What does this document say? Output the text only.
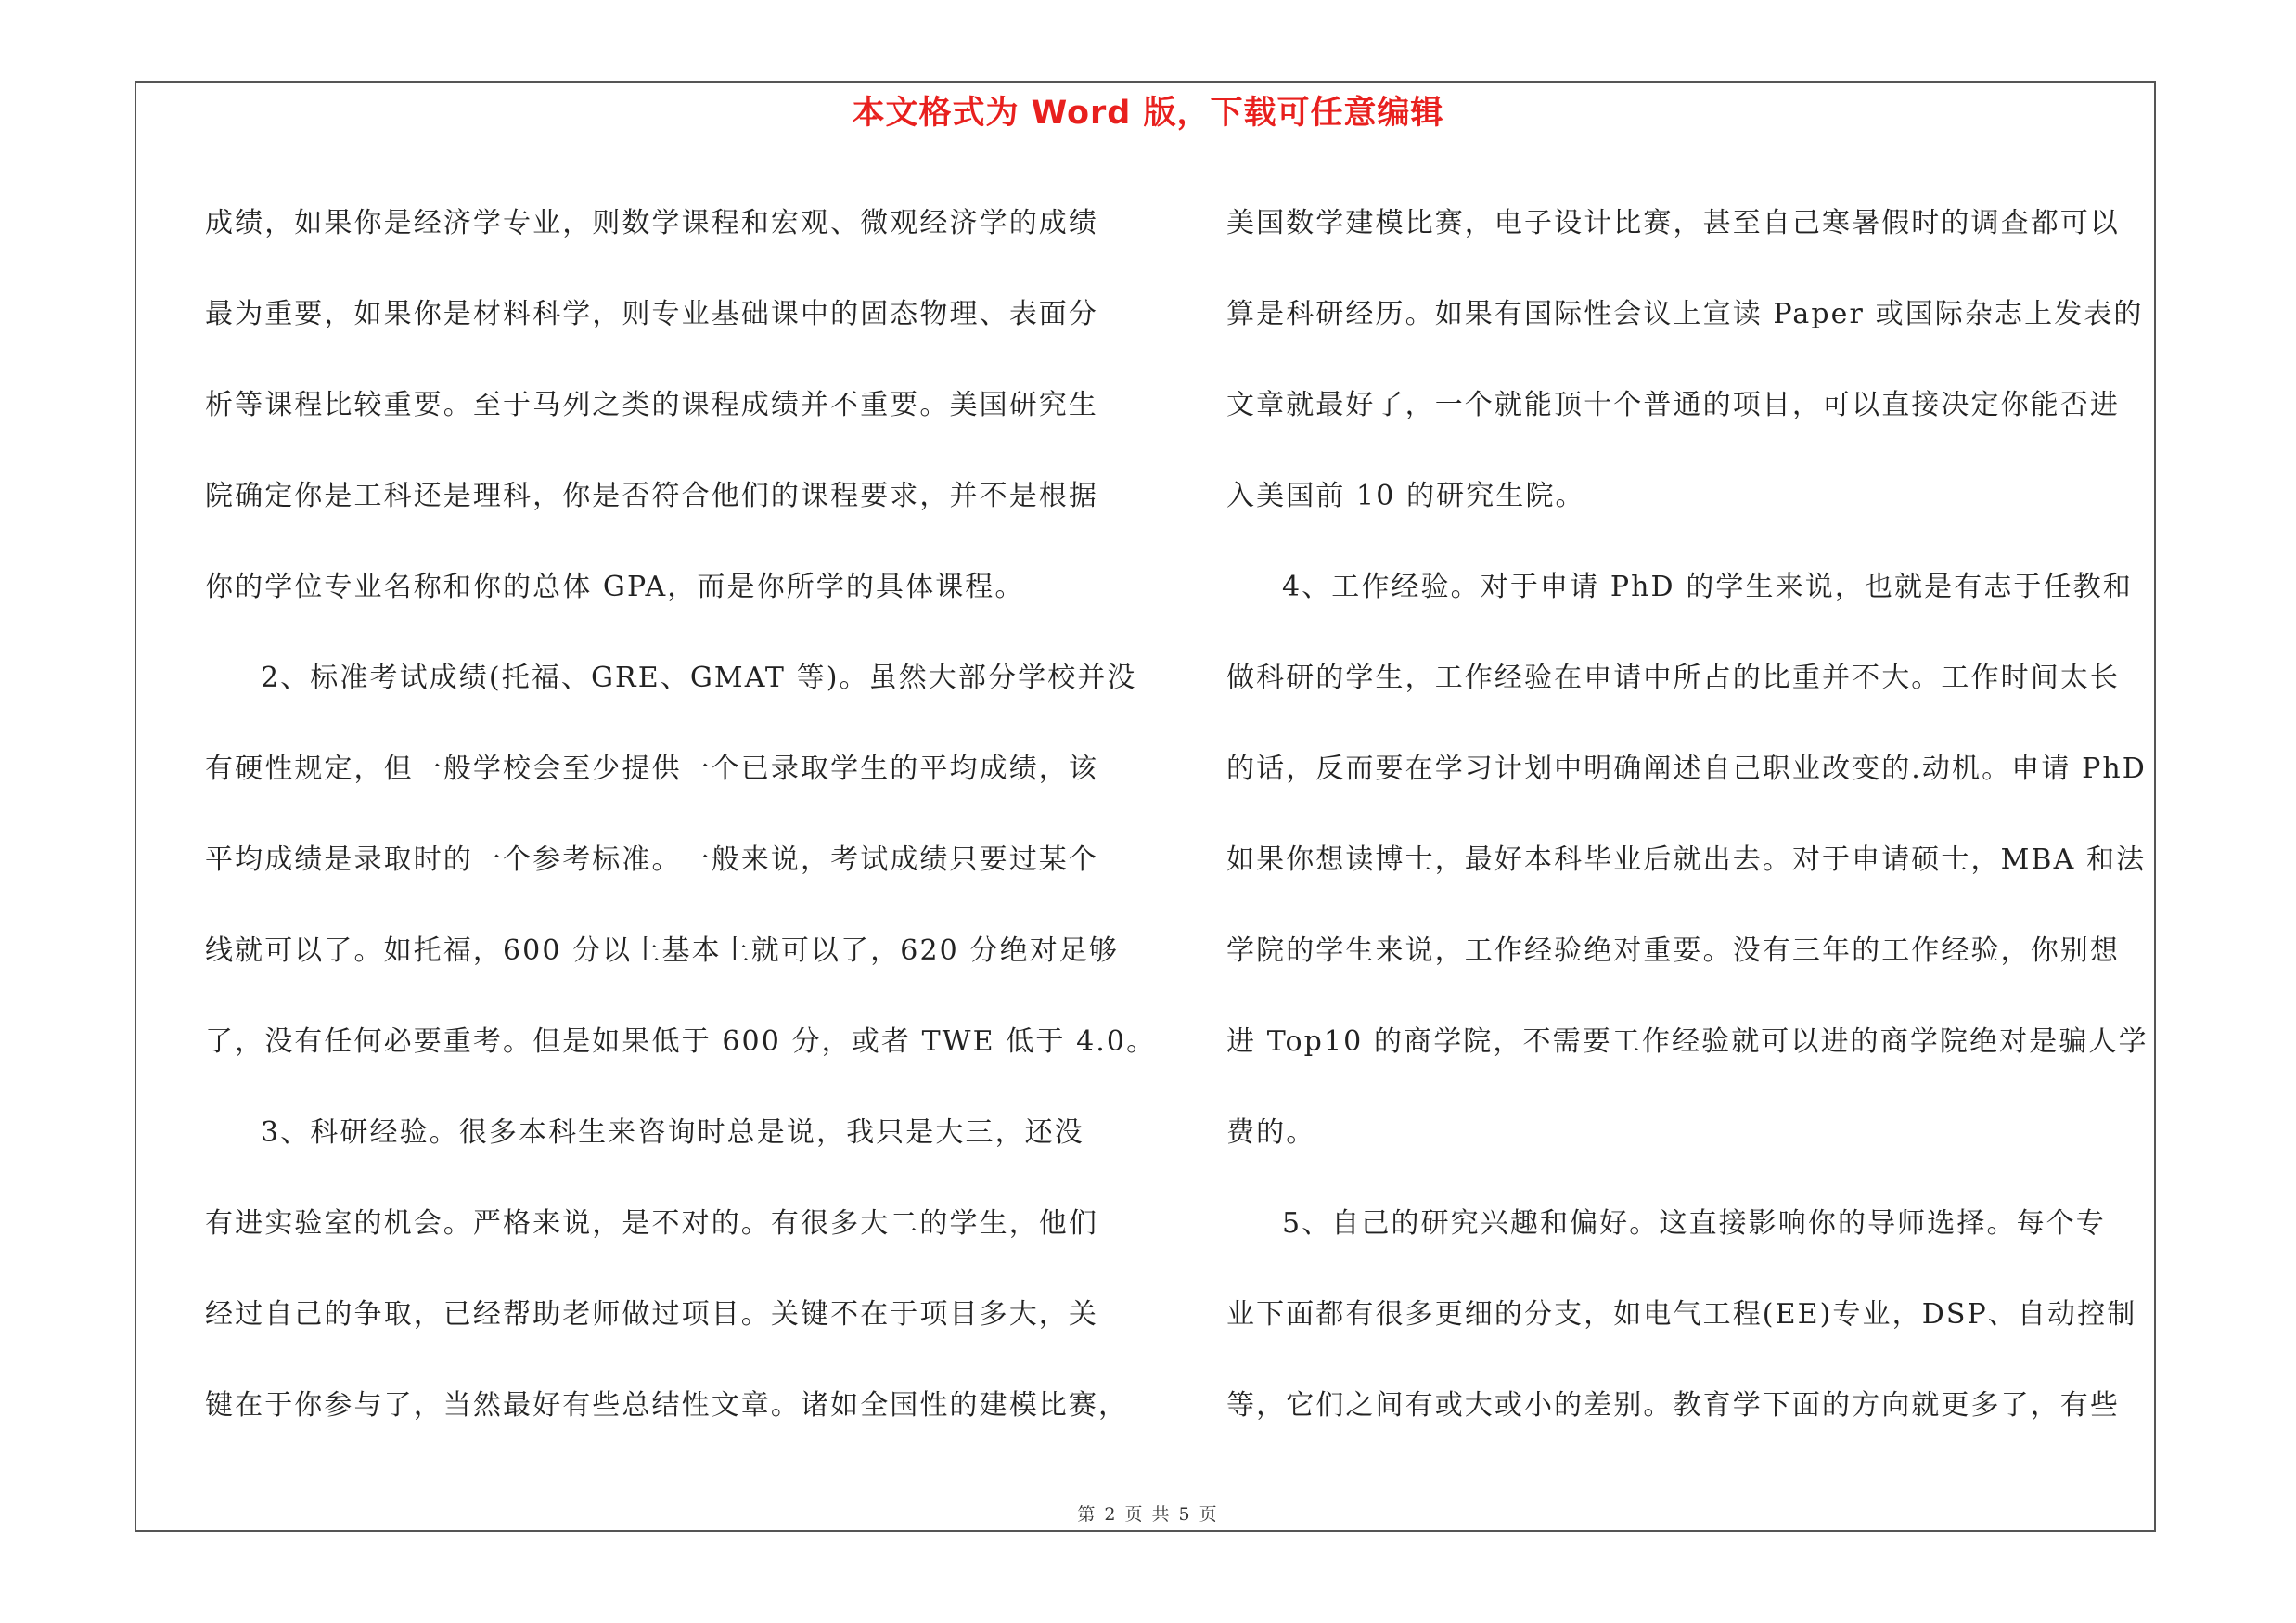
本文格式为 Word 版，下载可任意编辑
成绩，如果你是经济学专业，则数学课程和宏观、微观经济学的成绩
最为重要，如果你是材料科学，则专业基础课中的固态物理、表面分
析等课程比较重要。至于马列之类的课程成绩并不重要。美国研究生
院确定你是工科还是理科，你是否符合他们的课程要求，并不是根据
你的学位专业名称和你的总体 GPA，而是你所学的具体课程。
2、标准考试成绩(托福、GRE、GMAT 等)。虽然大部分学校并没
有硬性规定，但一般学校会至少提供一个已录取学生的平均成绩，该
平均成绩是录取时的一个参考标准。一般来说，考试成绩只要过某个
线就可以了。如托福，600 分以上基本上就可以了，620 分绝对足够
了，没有任何必要重考。但是如果低于 600 分，或者 TWE 低于 4.0。
3、科研经验。很多本科生来咨询时总是说，我只是大三，还没
有进实验室的机会。严格来说，是不对的。有很多大二的学生，他们
经过自己的争取，已经帮助老师做过项目。关键不在于项目多大，关
键在于你参与了，当然最好有些总结性文章。诸如全国性的建模比赛，
美国数学建模比赛，电子设计比赛，甚至自己寒暑假时的调查都可以
算是科研经历。如果有国际性会议上宣读 Paper 或国际杂志上发表的
文章就最好了，一个就能顶十个普通的项目，可以直接决定你能否进
入美国前 10 的研究生院。
4、工作经验。对于申请 PhD 的学生来说，也就是有志于任教和
做科研的学生，工作经验在申请中所占的比重并不大。工作时间太长
的话，反而要在学习计划中明确阐述自己职业改变的.动机。申请 PhD
如果你想读博士，最好本科毕业后就出去。对于申请硕士，MBA 和法
学院的学生来说，工作经验绝对重要。没有三年的工作经验，你别想
进 Top10 的商学院，不需要工作经验就可以进的商学院绝对是骗人学
费的。
5、自己的研究兴趣和偏好。这直接影响你的导师选择。每个专
业下面都有很多更细的分支，如电气工程(EE)专业，DSP、自动控制
等，它们之间有或大或小的差别。教育学下面的方向就更多了，有些
第 2 页 共 5 页
